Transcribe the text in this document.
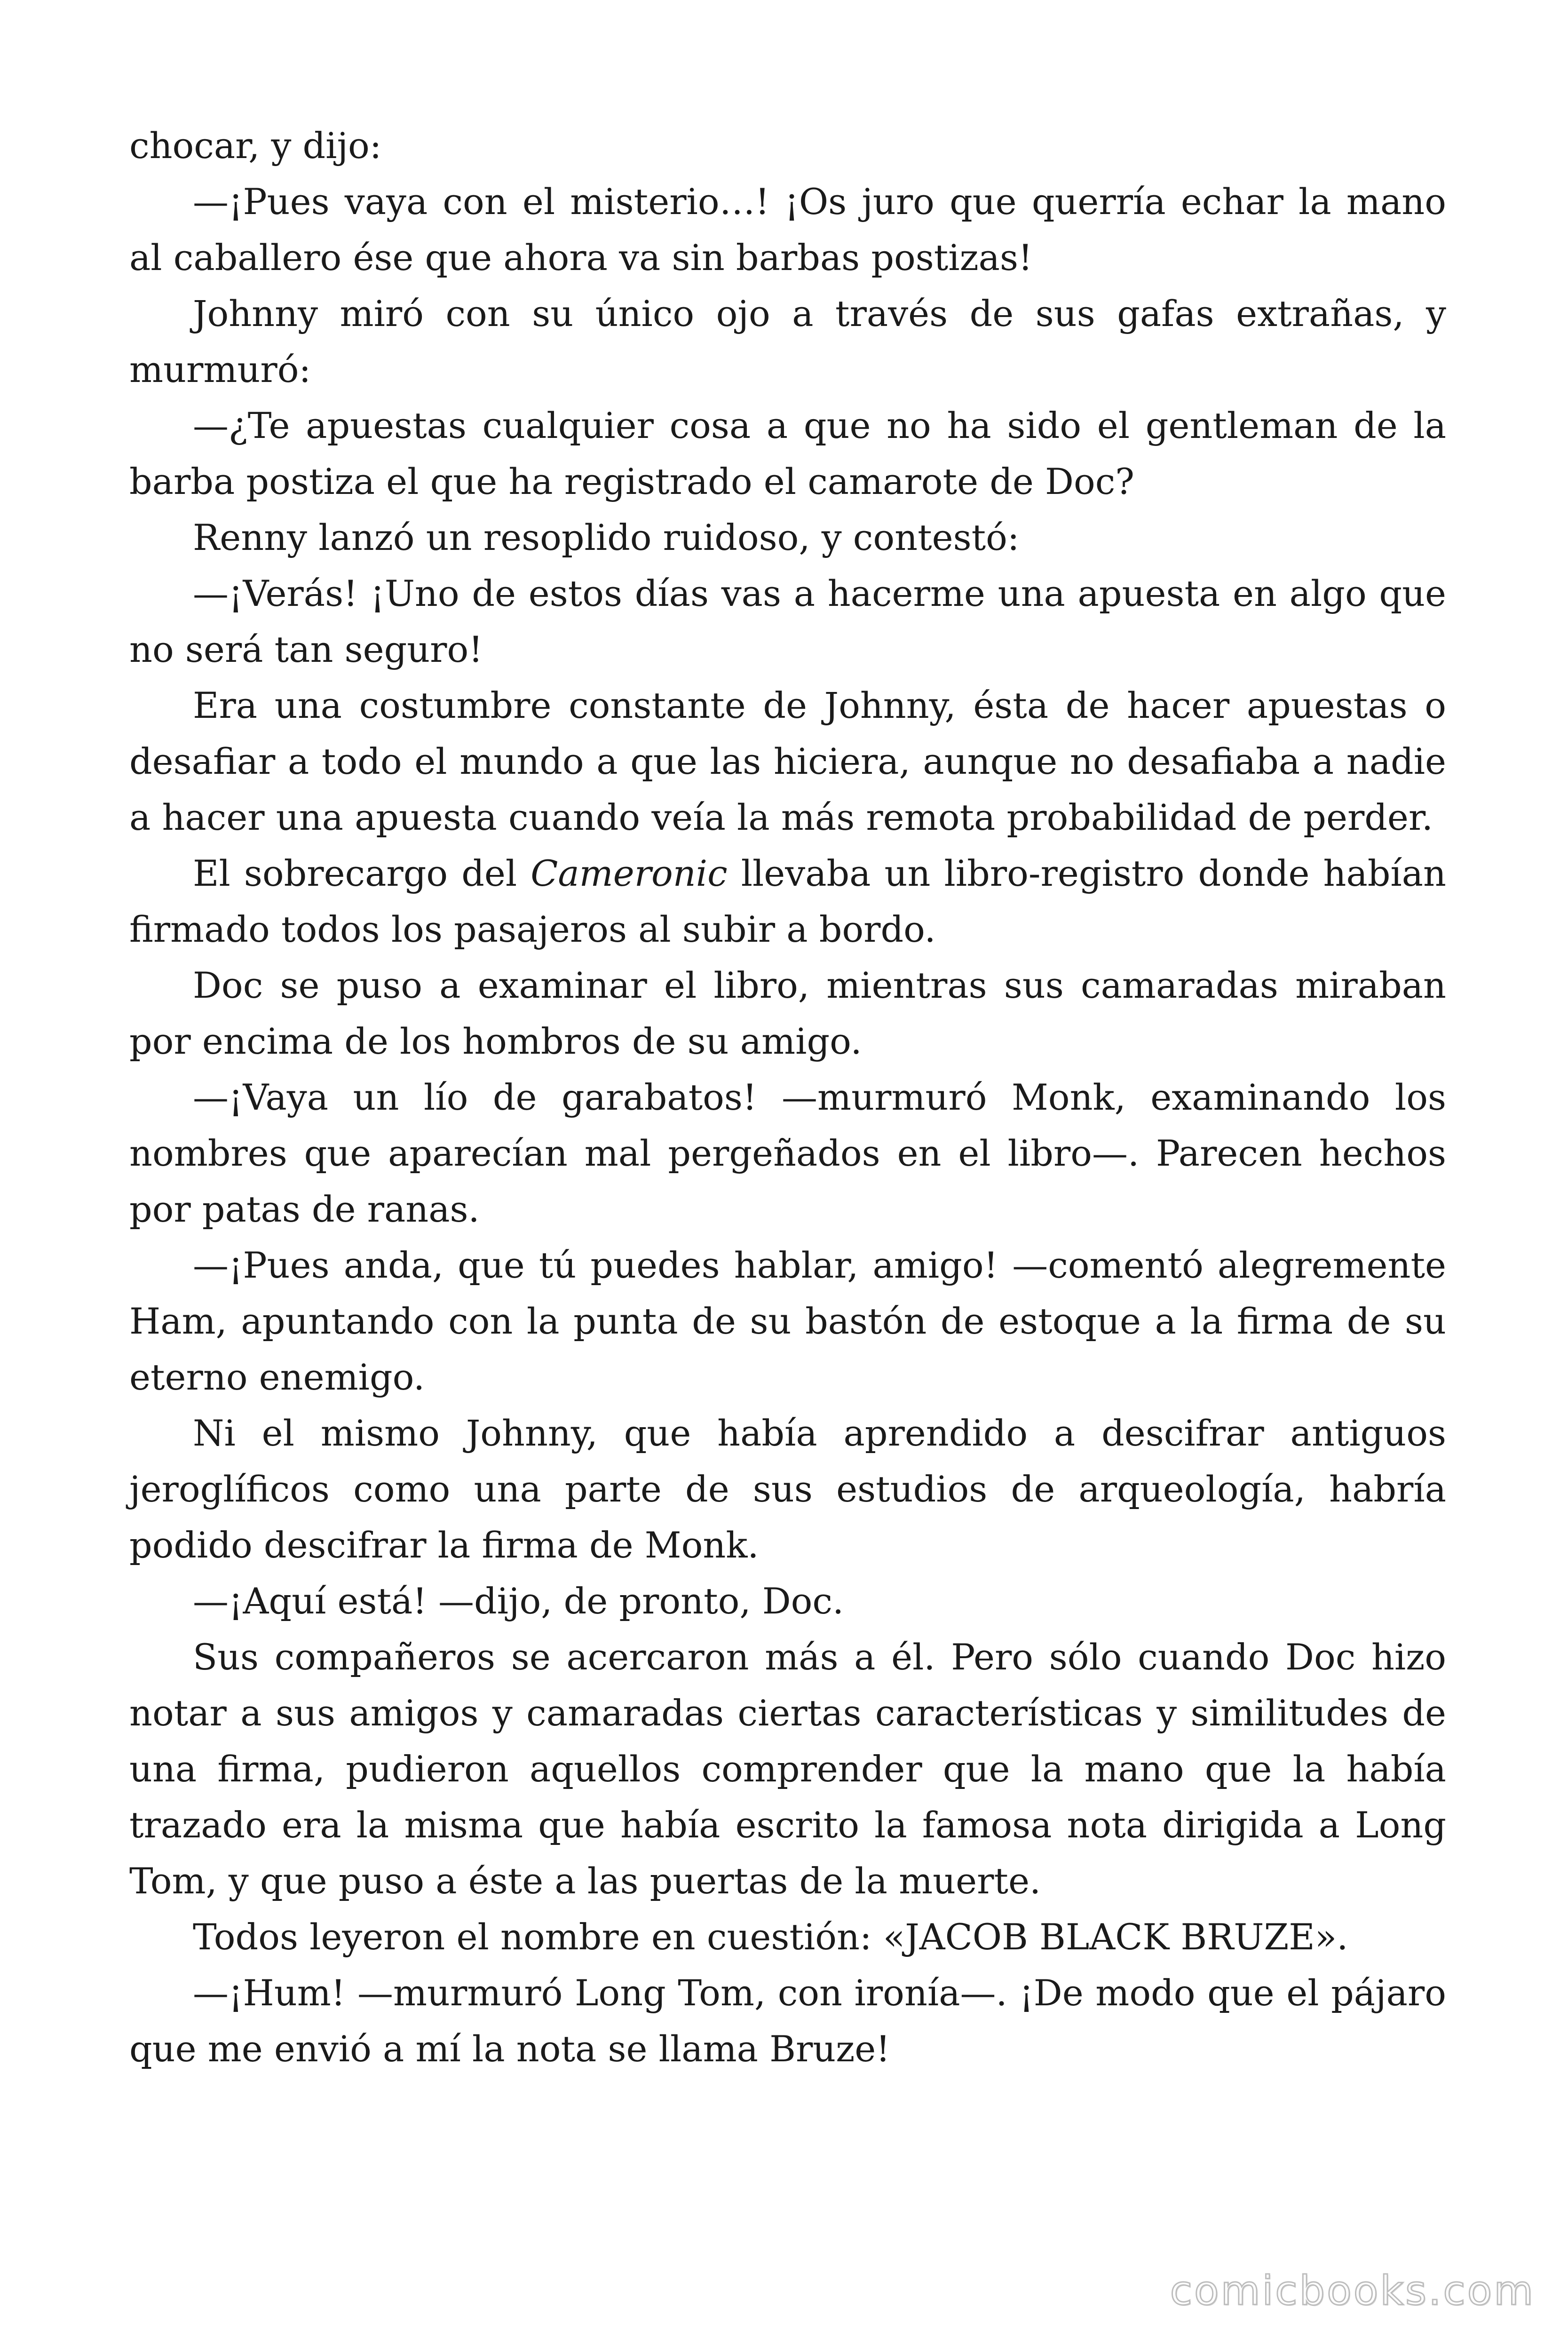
chocar, y dijo:

—¡Pues vaya con el misterio…! ¡Os juro que querría echar la mano al caballero ése que ahora va sin barbas postizas!

Johnny miró con su único ojo a través de sus gafas extrañas, y murmuró:

—¿Te apuestas cualquier cosa a que no ha sido el gentleman de la barba postiza el que ha registrado el camarote de Doc?

Renny lanzó un resoplido ruidoso, y contestó:

—¡Verás! ¡Uno de estos días vas a hacerme una apuesta en algo que no será tan seguro!

Era una costumbre constante de Johnny, ésta de hacer apuestas o desafiar a todo el mundo a que las hiciera, aunque no desafiaba a nadie a hacer una apuesta cuando veía la más remota probabilidad de perder.

El sobrecargo del Cameronic llevaba un libro-registro donde habían firmado todos los pasajeros al subir a bordo.

Doc se puso a examinar el libro, mientras sus camaradas miraban por encima de los hombros de su amigo.

—¡Vaya un lío de garabatos! —murmuró Monk, examinando los nombres que aparecían mal pergeñados en el libro—. Parecen hechos por patas de ranas.

—¡Pues anda, que tú puedes hablar, amigo! —comentó alegremente Ham, apuntando con la punta de su bastón de estoque a la firma de su eterno enemigo.

Ni el mismo Johnny, que había aprendido a descifrar antiguos jeroglíficos como una parte de sus estudios de arqueología, habría podido descifrar la firma de Monk.

—¡Aquí está! —dijo, de pronto, Doc.

Sus compañeros se acercaron más a él. Pero sólo cuando Doc hizo notar a sus amigos y camaradas ciertas características y similitudes de una firma, pudieron aquellos comprender que la mano que la había trazado era la misma que había escrito la famosa nota dirigida a Long Tom, y que puso a éste a las puertas de la muerte.

Todos leyeron el nombre en cuestión: «JACOB BLACK BRUZE».

—¡Hum! —murmuró Long Tom, con ironía—. ¡De modo que el pájaro que me envió a mí la nota se llama Bruze!

comicbooks.com
